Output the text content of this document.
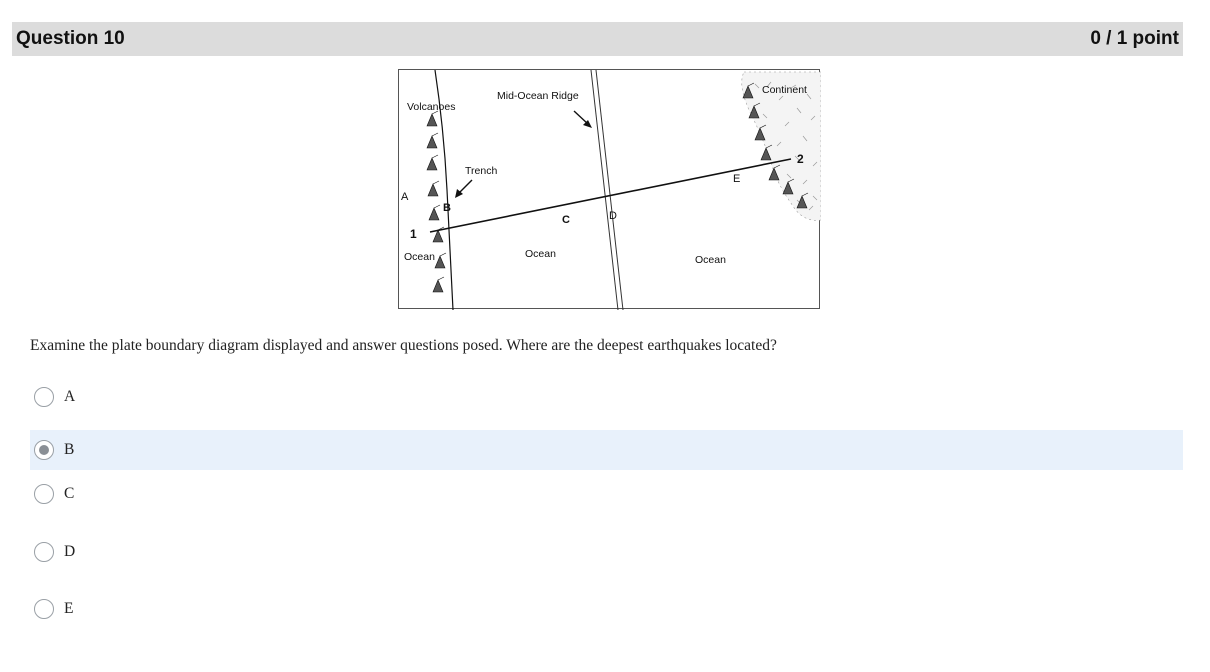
Question 10	0 / 1 point
Volcanoes
Mid-Ocean Ridge	Continent
Trench
A
B
C	D
E
1
2
Ocean	Ocean	Ocean
Examine the plate boundary diagram displayed and answer questions posed. Where are the deepest earthquakes located?
A
B
C
D
E
